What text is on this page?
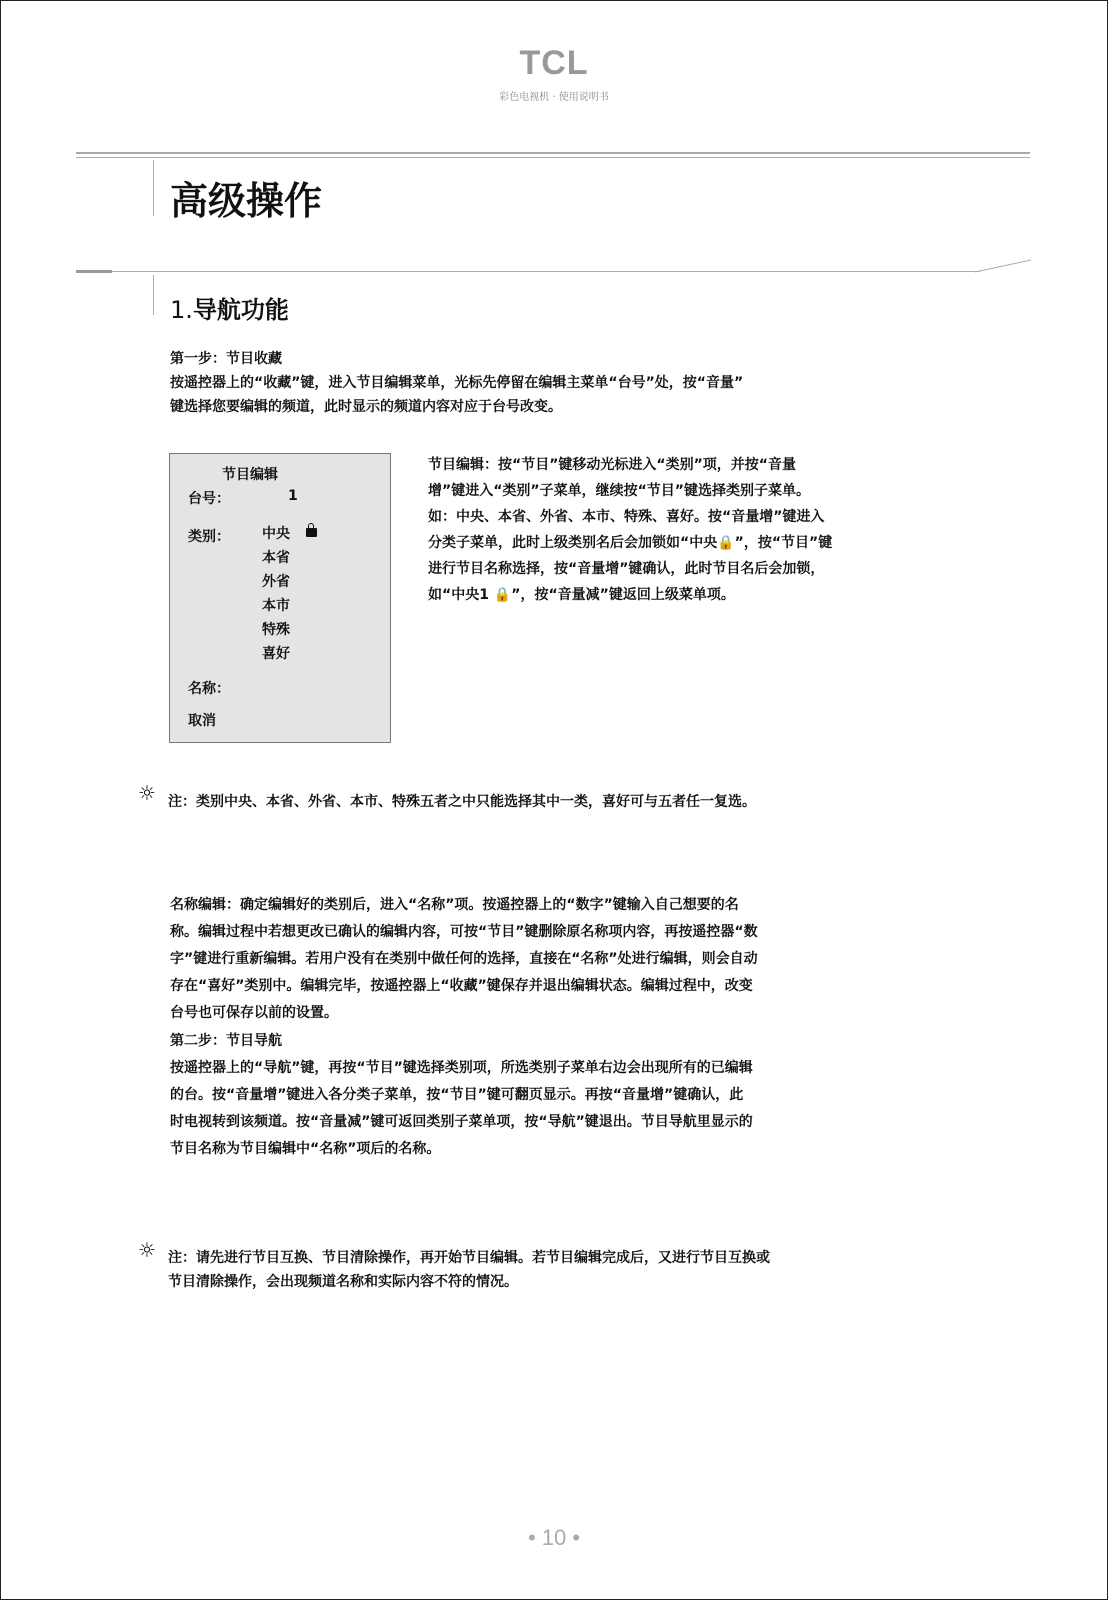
TCL
彩色电视机 · 使用说明书
高级操作
1.导航功能
第一步：节目收藏
按遥控器上的“收藏”键，进入节目编辑菜单，光标先停留在编辑主菜单“台号”处，按“音量”
键选择您要编辑的频道，此时显示的频道内容对应于台号改变。
节目编辑
台号：	1
类别： 中央
本省
外省
本市
特殊
喜好
名称：
取消
节目编辑：按“节目”键移动光标进入“类别”项，并按“音量
增”键进入“类别”子菜单，继续按“节目”键选择类别子菜单。
如：中央、本省、外省、本市、特殊、喜好。按“音量增”键进入
分类子菜单，此时上级类别名后会加锁如“中央🔒”，按“节目”键
进行节目名称选择，按“音量增”键确认，此时节目名后会加锁，
如“中央1 🔒”，按“音量减”键返回上级菜单项。
☼ 注：类别中央、本省、外省、本市、特殊五者之中只能选择其中一类，喜好可与五者任一复选。
名称编辑：确定编辑好的类别后，进入“名称”项。按遥控器上的“数字”键输入自己想要的名
称。编辑过程中若想更改已确认的编辑内容，可按“节目”键删除原名称项内容，再按遥控器“数
字”键进行重新编辑。若用户没有在类别中做任何的选择，直接在“名称”处进行编辑，则会自动
存在“喜好”类别中。编辑完毕，按遥控器上“收藏”键保存并退出编辑状态。编辑过程中，改变
台号也可保存以前的设置。
第二步：节目导航
按遥控器上的“导航”键，再按“节目”键选择类别项，所选类别子菜单右边会出现所有的已编辑
的台。按“音量增”键进入各分类子菜单，按“节目”键可翻页显示。再按“音量增”键确认，此
时电视转到该频道。按“音量减”键可返回类别子菜单项，按“导航”键退出。节目导航里显示的
节目名称为节目编辑中“名称”项后的名称。
☼ 注：请先进行节目互换、节目清除操作，再开始节目编辑。若节目编辑完成后，又进行节目互换或
节目清除操作，会出现频道名称和实际内容不符的情况。
• 10 •
